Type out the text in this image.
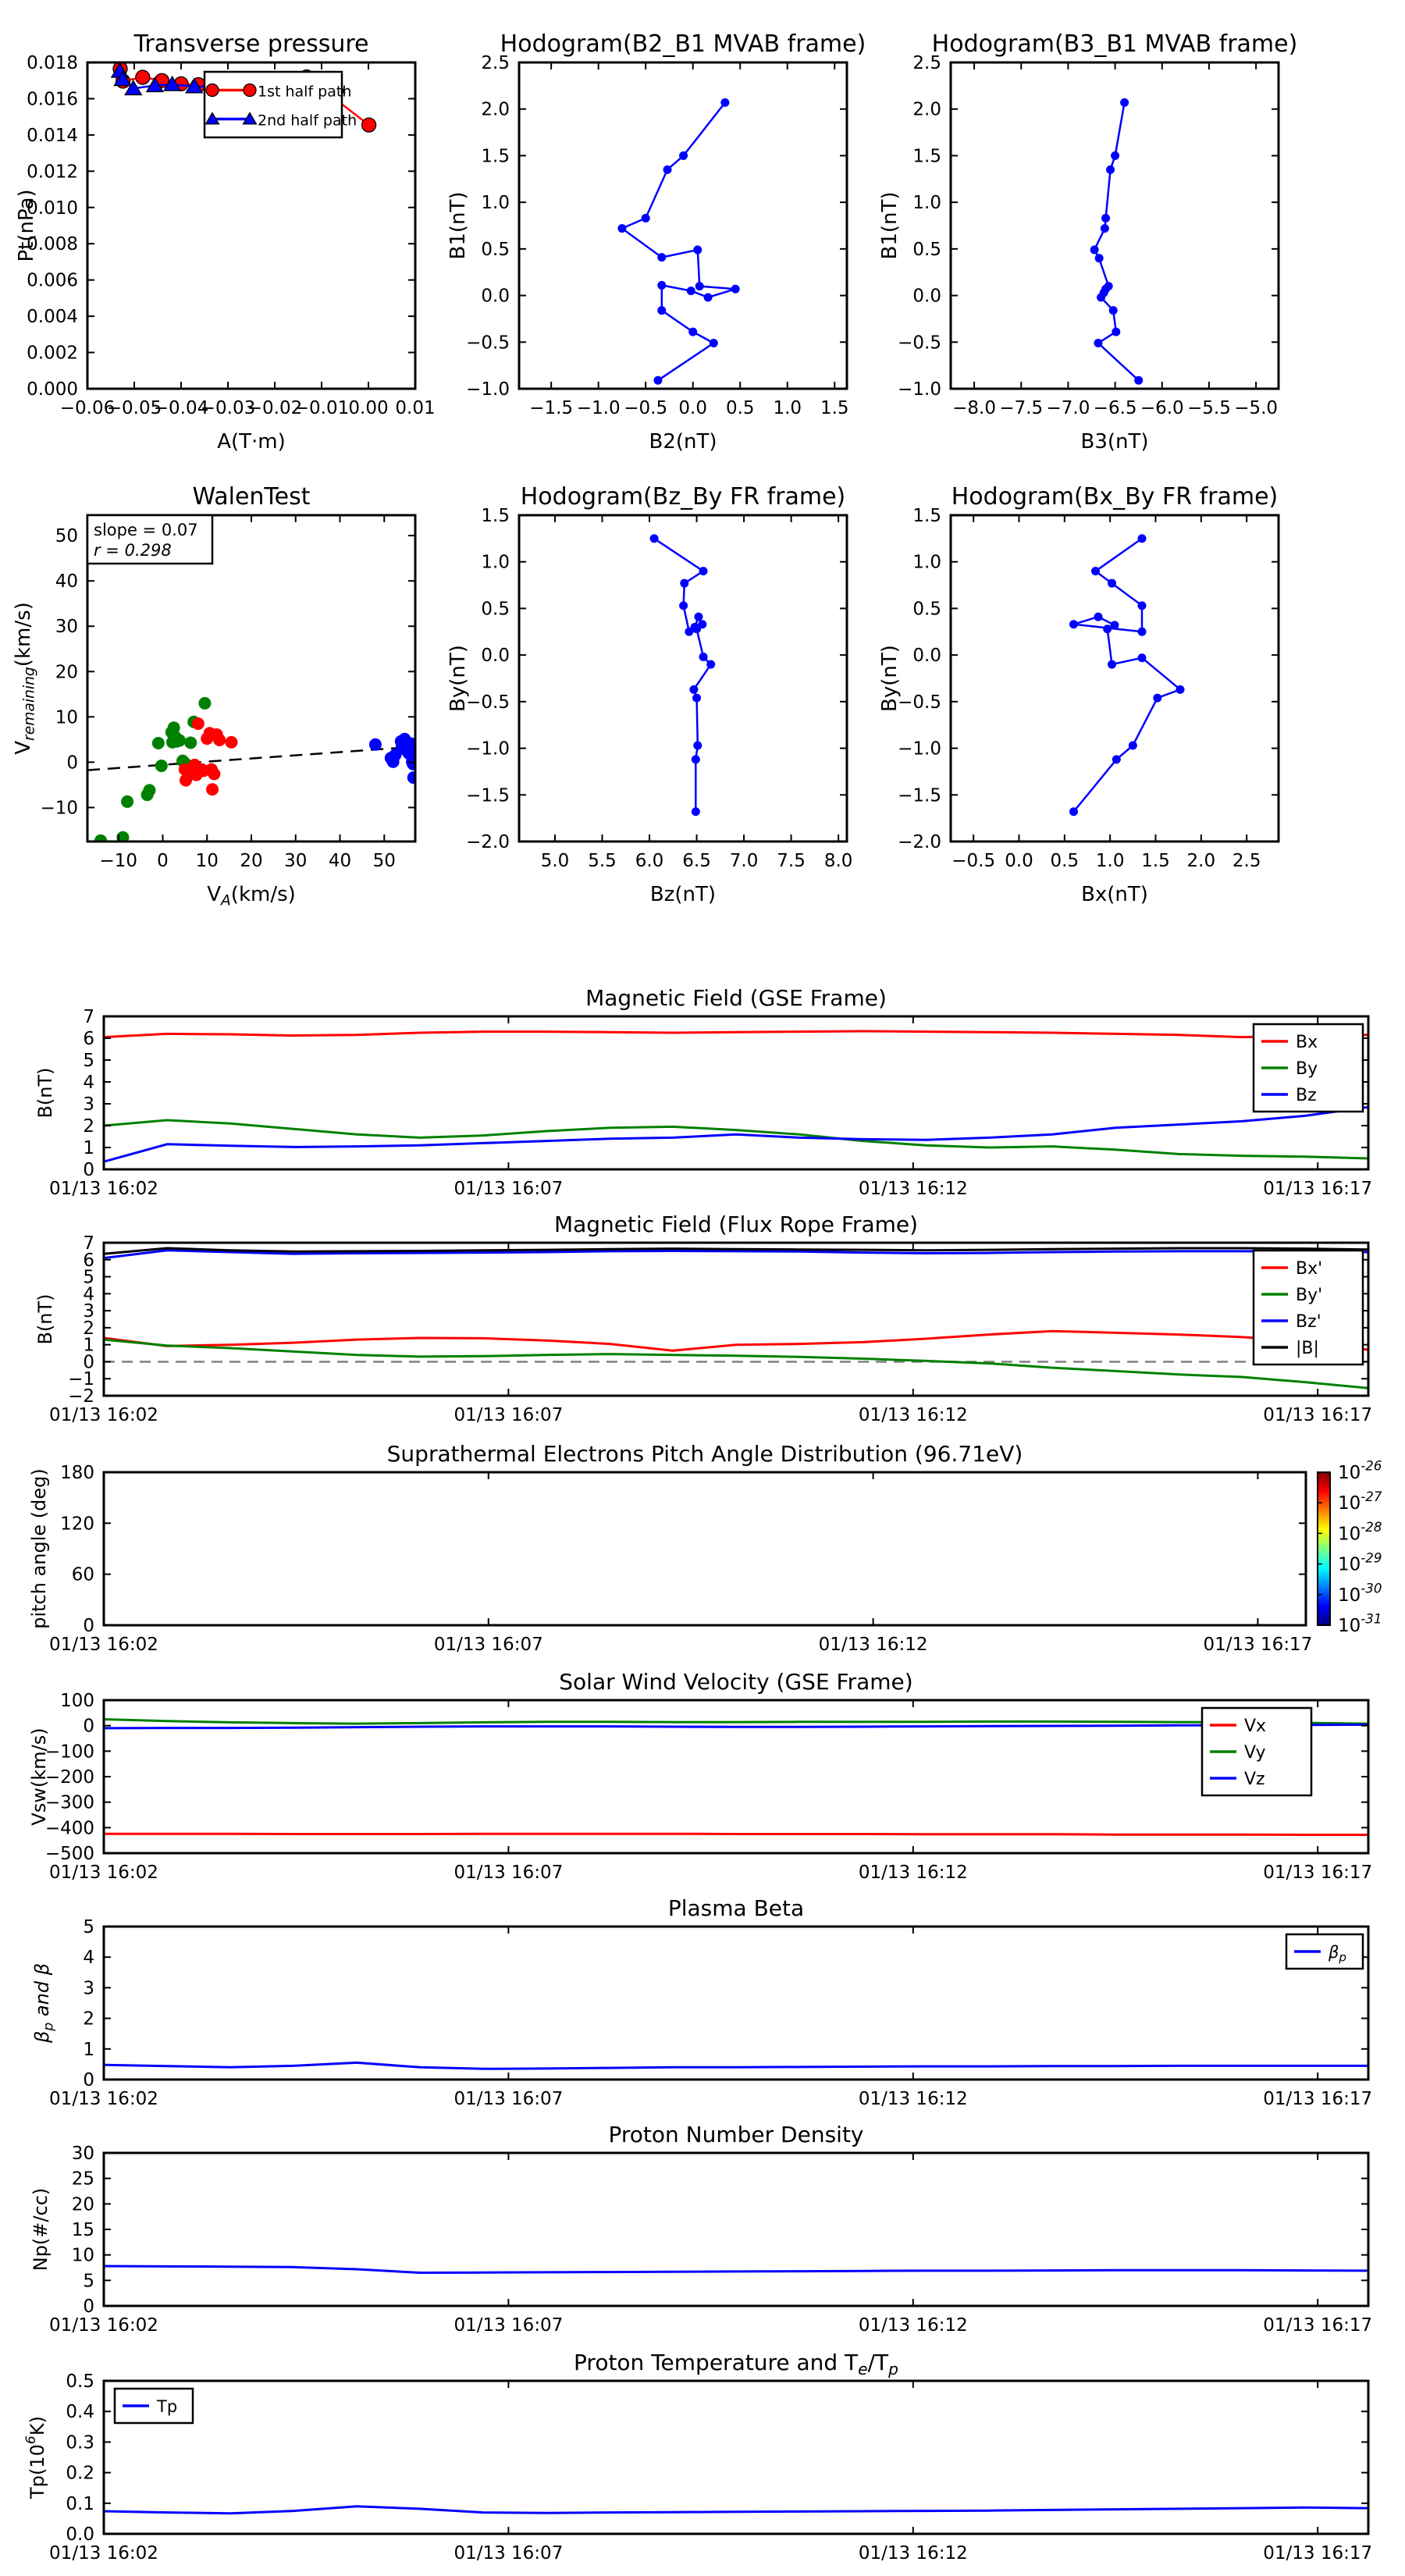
−0.06
−0.05
−0.04
−0.03
−0.02
−0.01 0.00 0.01
0.000
0.002
0.004
0.006
0.008
0.010
0.012
0.014
0.016
0.018
Transverse pressure
A(T·m)
Pt(nPa)
1st half path
2nd half path
−1.5 −1.0 −0.5 0.0 0.5 1.0 1.5
−1.0
−0.5
0.0
0.5
1.0
1.5
2.0
2.5
Hodogram(B2_B1 MVAB frame)
B2(nT)
B1(nT)
−8.0 −7.5 −7.0 −6.5 −6.0 −5.5 −5.0
−1.0
−0.5
0.0
0.5
1.0
1.5
2.0
2.5
Hodogram(B3_B1 MVAB frame)
B3(nT)
B1(nT)
−10 0 10 20 30 40 50
−10
0
10
20
30
40
50
WalenTest
$V_A(km/s)$
$V_{remaining}(km/s)$
slope = 0.07
r = 0.298
5.0 5.5 6.0 6.5 7.0 7.5 8.0
−2.0
−1.5
−1.0
−0.5
0.0
0.5
1.0
1.5
Hodogram(Bz_By FR frame)
Bz(nT)
By(nT)
−0.5 0.0 0.5 1.0 1.5 2.0 2.5
−2.0
−1.5
−1.0
−0.5
0.0
0.5
1.0
1.5
Hodogram(Bx_By FR frame)
Bx(nT)
By(nT)
01/13 16:02	01/13 16:07	01/13 16:12	01/13 16:17
0
1
2
3
4
5
6
7
Magnetic Field (GSE Frame)
B(nT)
Bx
By
Bz
01/13 16:02	01/13 16:07	01/13 16:12	01/13 16:17
−2
−1
0
1
2
3
4
5
6
7
Magnetic Field (Flux Rope Frame)
B(nT)
Bx'
By'
Bz'
|B|
01/13 16:02	01/13 16:07	01/13 16:12	01/13 16:17
0
60
120
180
Suprathermal Electrons Pitch Angle Distribution (96.71eV)
pitch angle (deg)	$10^{-26}$
$10^{-27}$
$10^{-28}$
$10^{-29}$
$10^{-30}$
$10^{-31}$
01/13 16:02	01/13 16:07	01/13 16:12	01/13 16:17
100
0
−100
−200
−300
−400
−500
Solar Wind Velocity (GSE Frame)
Vsw(km/s)
Vx
Vy
Vz
01/13 16:02	01/13 16:07	01/13 16:12	01/13 16:17
0
1
2
3
4
5
Plasma Beta
$\beta_p$ and β
$\beta_p$
01/13 16:02	01/13 16:07	01/13 16:12	01/13 16:17
0
5
10
15
20
25
30
Proton Number Density
Np(#/cc)
01/13 16:02	01/13 16:07	01/13 16:12	01/13 16:17
0.0
0.1
0.2
0.3
0.4
0.5
Proton Temperature and $T_e/T_p$
$Tp(10^6K)$
Tp
